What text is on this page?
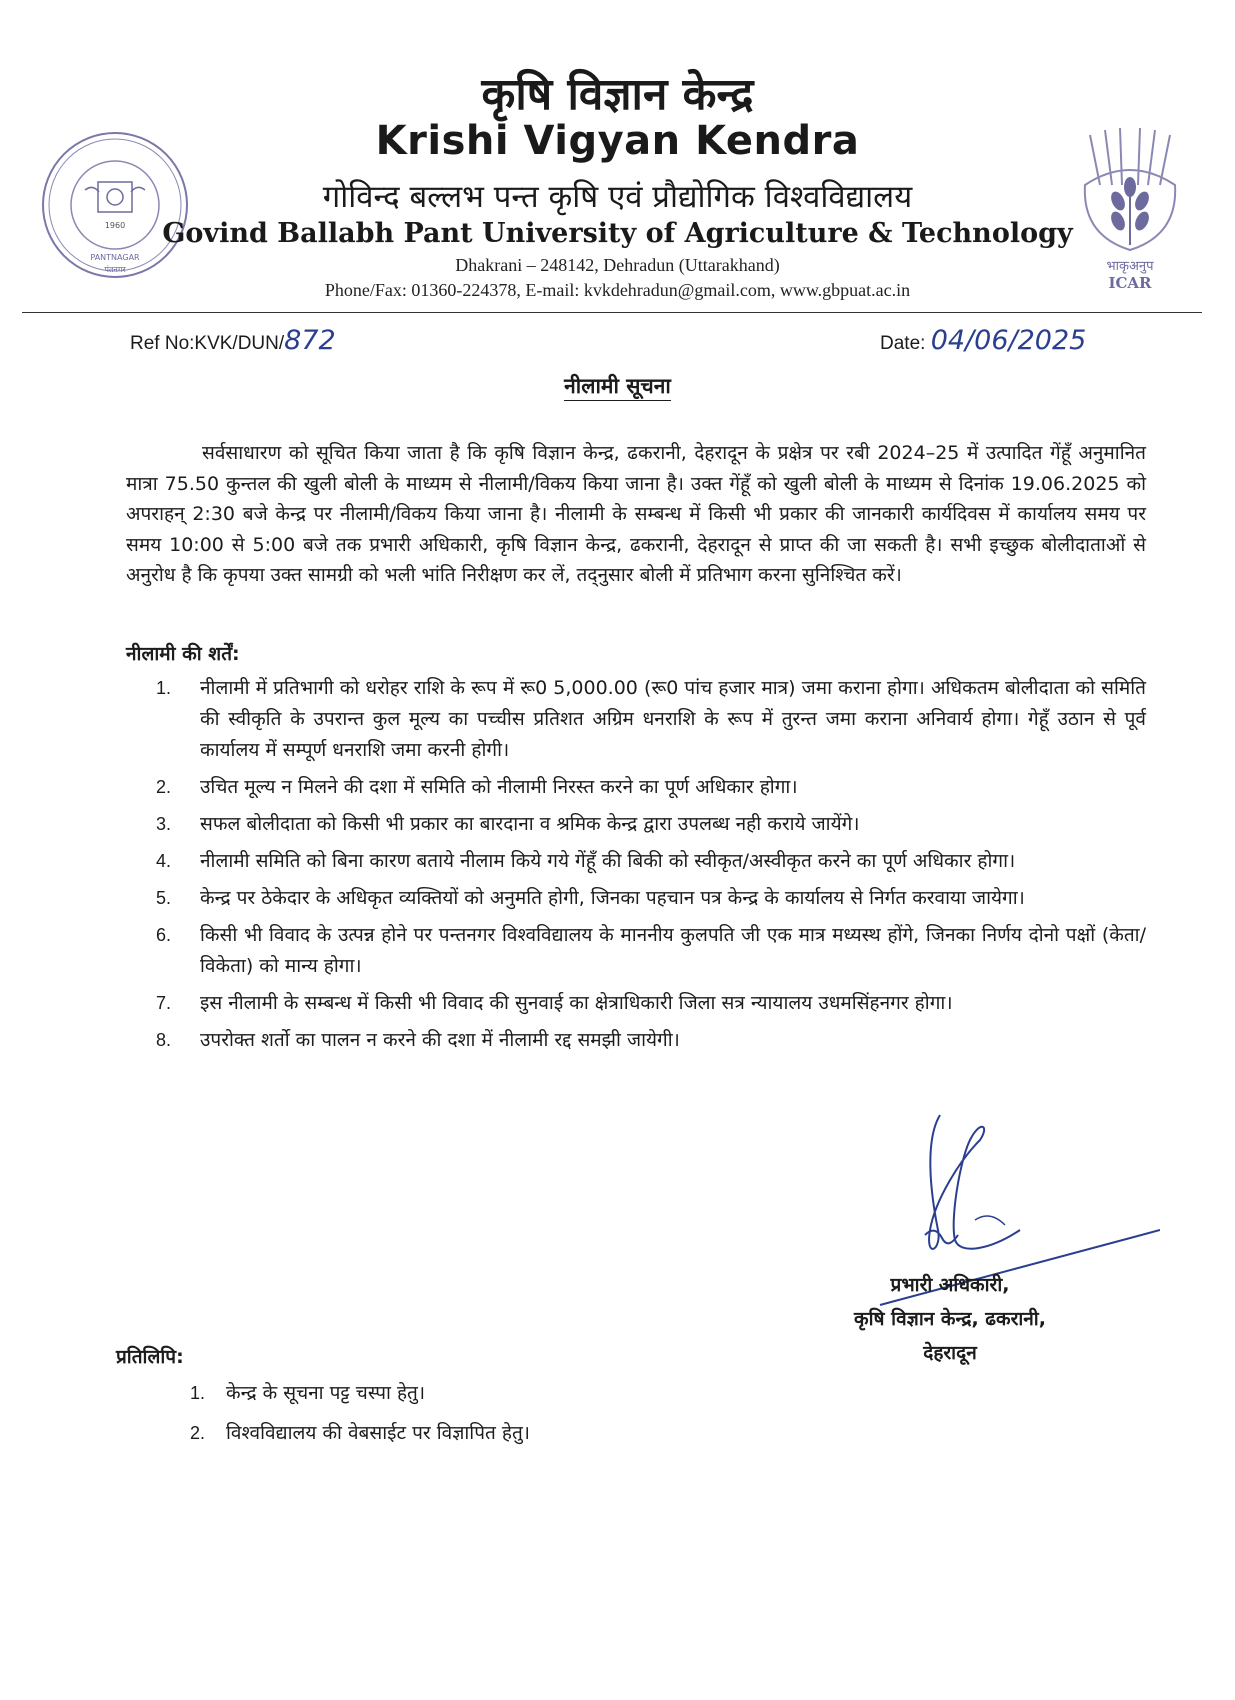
1960
PANTNAGAR
पंतनगर	भाकृअनुप
ICAR
कृषि विज्ञान केन्द्र
Krishi Vigyan Kendra
गोविन्द बल्लभ पन्त कृषि एवं प्रौद्योगिक विश्वविद्यालय
Govind Ballabh Pant University of Agriculture & Technology
Dhakrani – 248142, Dehradun (Uttarakhand)
Phone/Fax: 01360-224378, E-mail: kvkdehradun@gmail.com, www.gbpuat.ac.in
Ref No:KVK/DUN/872	Date: 04/06/2025
नीलामी सूचना
सर्वसाधारण को सूचित किया जाता है कि कृषि विज्ञान केन्द्र, ढकरानी, देहरादून के प्रक्षेत्र पर रबी 2024–25 में उत्पादित गेंहूँ अनुमानित मात्रा 75.50 कुन्तल की खुली बोली के माध्यम से नीलामी/विकय किया जाना है। उक्त गेंहूँ को खुली बोली के माध्यम से दिनांक 19.06.2025 को अपराहन् 2:30 बजे केन्द्र पर नीलामी/विकय किया जाना है। नीलामी के सम्बन्ध में किसी भी प्रकार की जानकारी कार्यदिवस में कार्यालय समय पर समय 10:00 से 5:00 बजे तक प्रभारी अधिकारी, कृषि विज्ञान केन्द्र, ढकरानी, देहरादून से प्राप्त की जा सकती है। सभी इच्छुक बोलीदाताओं से अनुरोध है कि कृपया उक्त सामग्री को भली भांति निरीक्षण कर लें, तद्नुसार बोली में प्रतिभाग करना सुनिश्चित करें।
नीलामी की शर्तें:
1. नीलामी में प्रतिभागी को धरोहर राशि के रूप में रू0 5,000.00 (रू0 पांच हजार मात्र) जमा कराना होगा। अधिकतम बोलीदाता को समिति की स्वीकृति के उपरान्त कुल मूल्य का पच्चीस प्रतिशत अग्रिम धनराशि के रूप में तुरन्त जमा कराना अनिवार्य होगा। गेहूँ उठान से पूर्व कार्यालय में सम्पूर्ण धनराशि जमा करनी होगी।
2. उचित मूल्य न मिलने की दशा में समिति को नीलामी निरस्त करने का पूर्ण अधिकार होगा।
3. सफल बोलीदाता को किसी भी प्रकार का बारदाना व श्रमिक केन्द्र द्वारा उपलब्ध नही कराये जायेंगे।
4. नीलामी समिति को बिना कारण बताये नीलाम किये गये गेंहूँ की बिकी को स्वीकृत/अस्वीकृत करने का पूर्ण अधिकार होगा।
5. केन्द्र पर ठेकेदार के अधिकृत व्यक्तियों को अनुमति होगी, जिनका पहचान पत्र केन्द्र के कार्यालय से निर्गत करवाया जायेगा।
6. किसी भी विवाद के उत्पन्न होने पर पन्तनगर विश्वविद्यालय के माननीय कुलपति जी एक मात्र मध्यस्थ होंगे, जिनका निर्णय दोनो पक्षों (केता/विकेता) को मान्य होगा।
7. इस नीलामी के सम्बन्ध में किसी भी विवाद की सुनवाई का क्षेत्राधिकारी जिला सत्र न्यायालय उधमसिंहनगर होगा।
8. उपरोक्त शर्तो का पालन न करने की दशा में नीलामी रद्द समझी जायेगी।
प्रभारी अधिकारी,
कृषि विज्ञान केन्द्र, ढकरानी,
देहरादून
प्रतिलिपि:
1. केन्द्र के सूचना पट्ट चस्पा हेतु।
2. विश्वविद्यालय की वेबसाईट पर विज्ञापित हेतु।
